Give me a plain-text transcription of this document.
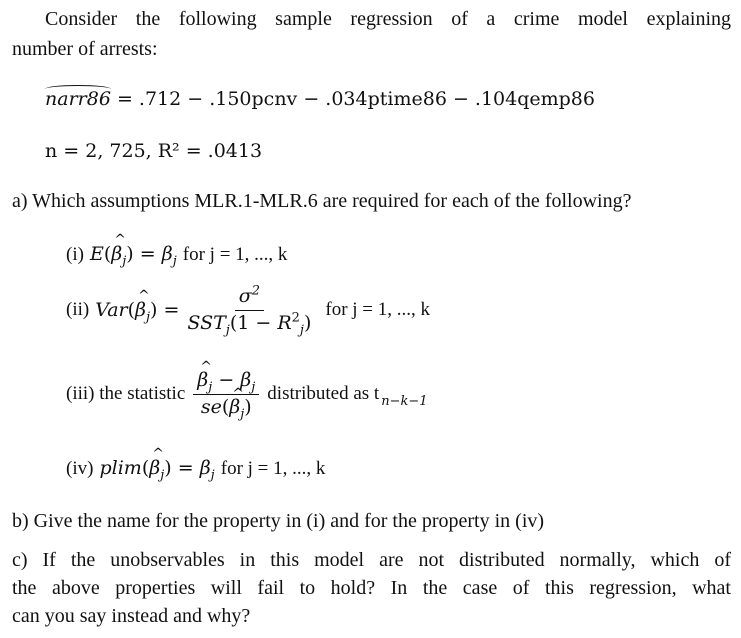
Consider the following sample regression of a crime model explaining
number of arrests:
narr86 = .712 − .150pcnv − .034ptime86 − .104qemp86
n = 2, 725, R² = .0413
a) Which assumptions MLR.1-MLR.6 are required for each of the following?
(i) E(^ $\beta_j) = \beta_j$ for j = 1, ..., k
(ii) Var(^ $\beta_j) = \frac{\sigma^2}{SST_j(1 - R^2_j)}$ for j = 1, ..., k
(iii) the statistic
^ $\frac{\beta_j - \beta_j}{se(\^{} \beta_j)}$ distributed as t $_{n-k-1}$
(iv) plim(^ $\beta_j) = \beta_j$ for j = 1, ..., k
b) Give the name for the property in (i) and for the property in (iv)
c) If the unobservables in this model are not distributed normally, which of
the above properties will fail to hold? In the case of this regression, what
can you say instead and why?
